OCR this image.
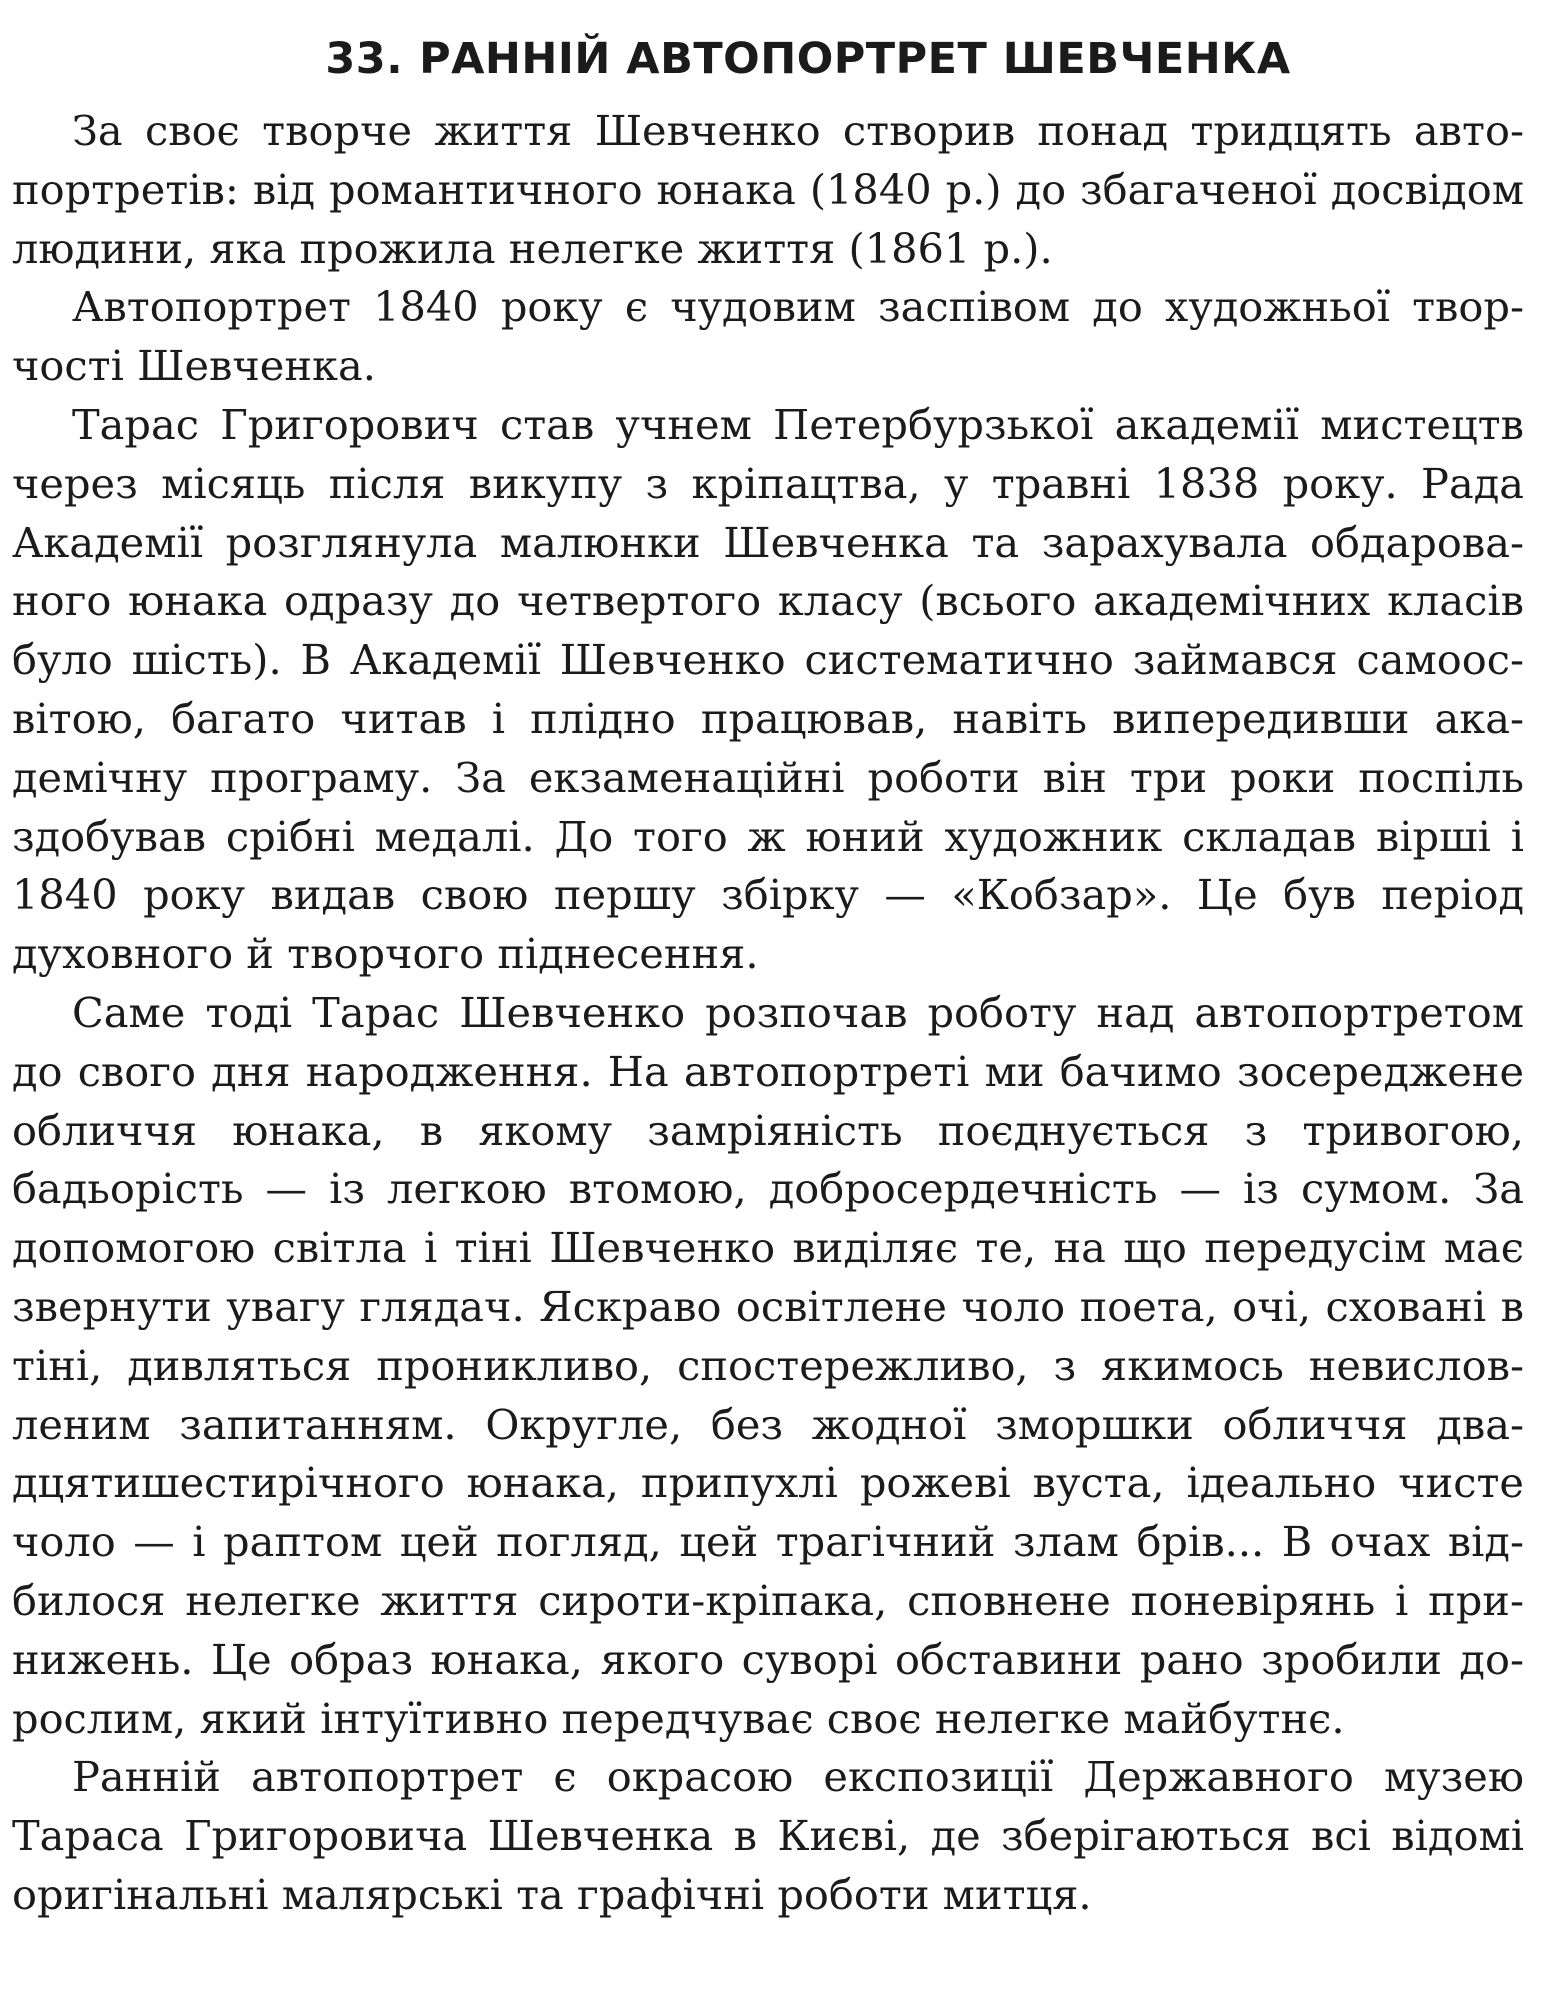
33. РАННІЙ АВТОПОРТРЕТ ШЕВЧЕНКА

За своє творче життя Шевченко створив понад тридцять автопортретів: від романтичного юнака (1840 р.) до збагаченої досвідом людини, яка прожила нелегке життя (1861 р.).

Автопортрет 1840 року є чудовим заспівом до художньої творчості Шевченка.

Тарас Григорович став учнем Петербурзької академії мистецтв через місяць після викупу з кріпацтва, у травні 1838 року. Рада Академії розглянула малюнки Шевченка та зарахувала обдарованого юнака одразу до четвертого класу (всього академічних класів було шість). В Академії Шевченко систематично займався самоосвітою, багато читав і плідно працював, навіть випередивши академічну програму. За екзаменаційні роботи він три роки поспіль здобував срібні медалі. До того ж юний художник складав вірші і 1840 року видав свою першу збірку — «Кобзар». Це був період духовного й творчого піднесення.

Саме тоді Тарас Шевченко розпочав роботу над автопортретом до свого дня народження. На автопортреті ми бачимо зосереджене обличчя юнака, в якому замріяність поєднується з тривогою, бадьорість — із легкою втомою, добросердечність — із сумом. За допомогою світла і тіні Шевченко виділяє те, на що передусім має звернути увагу глядач. Яскраво освітлене чоло поета, очі, сховані в тіні, дивляться проникливо, спостережливо, з якимось невисловленим запитанням. Округле, без жодної зморшки обличчя двадцятишестирічного юнака, припухлі рожеві вуста, ідеально чисте чоло — і раптом цей погляд, цей трагічний злам брів... В очах відбилося нелегке життя сироти-кріпака, сповнене поневірянь і принижень. Це образ юнака, якого суворі обставини рано зробили дорослим, який інтуїтивно передчуває своє нелегке майбутнє.

Ранній автопортрет є окрасою експозиції Державного музею Тараса Григоровича Шевченка в Києві, де зберігаються всі відомі оригінальні малярські та графічні роботи митця.
